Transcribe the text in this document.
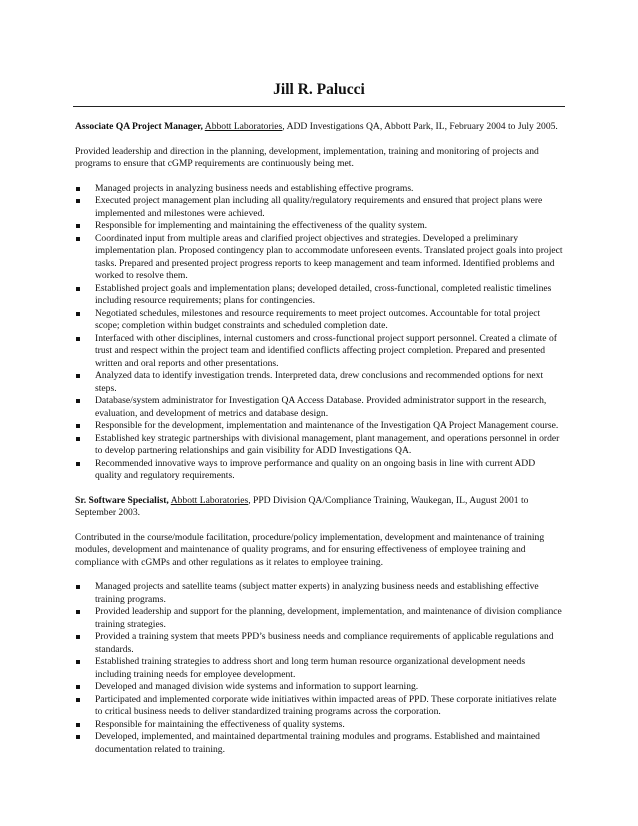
Jill R. Palucci
Associate QA Project Manager, Abbott Laboratories, ADD Investigations QA, Abbott Park, IL, February 2004 to July 2005.
Provided leadership and direction in the planning, development, implementation, training and monitoring of projects and programs to ensure that cGMP requirements are continuously being met.
Managed projects in analyzing business needs and establishing effective programs.
Executed project management plan including all quality/regulatory requirements and ensured that project plans were implemented and milestones were achieved.
Responsible for implementing and maintaining the effectiveness of the quality system.
Coordinated input from multiple areas and clarified project objectives and strategies. Developed a preliminary implementation plan. Proposed contingency plan to accommodate unforeseen events. Translated project goals into project tasks. Prepared and presented project progress reports to keep management and team informed. Identified problems and worked to resolve them.
Established project goals and implementation plans; developed detailed, cross-functional, completed realistic timelines including resource requirements; plans for contingencies.
Negotiated schedules, milestones and resource requirements to meet project outcomes. Accountable for total project scope; completion within budget constraints and scheduled completion date.
Interfaced with other disciplines, internal customers and cross-functional project support personnel. Created a climate of trust and respect within the project team and identified conflicts affecting project completion. Prepared and presented written and oral reports and other presentations.
Analyzed data to identify investigation trends. Interpreted data, drew conclusions and recommended options for next steps.
Database/system administrator for Investigation QA Access Database. Provided administrator support in the research, evaluation, and development of metrics and database design.
Responsible for the development, implementation and maintenance of the Investigation QA Project Management course.
Established key strategic partnerships with divisional management, plant management, and operations personnel in order to develop partnering relationships and gain visibility for ADD Investigations QA.
Recommended innovative ways to improve performance and quality on an ongoing basis in line with current ADD quality and regulatory requirements.
Sr. Software Specialist, Abbott Laboratories, PPD Division QA/Compliance Training, Waukegan, IL, August 2001 to September 2003.
Contributed in the course/module facilitation, procedure/policy implementation, development and maintenance of training modules, development and maintenance of quality programs, and for ensuring effectiveness of employee training and compliance with cGMPs and other regulations as it relates to employee training.
Managed projects and satellite teams (subject matter experts) in analyzing business needs and establishing effective training programs.
Provided leadership and support for the planning, development, implementation, and maintenance of division compliance training strategies.
Provided a training system that meets PPD’s business needs and compliance requirements of applicable regulations and standards.
Established training strategies to address short and long term human resource organizational development needs including training needs for employee development.
Developed and managed division wide systems and information to support learning.
Participated and implemented corporate wide initiatives within impacted areas of PPD. These corporate initiatives relate to critical business needs to deliver standardized training programs across the corporation.
Responsible for maintaining the effectiveness of quality systems.
Developed, implemented, and maintained departmental training modules and programs. Established and maintained documentation related to training.
